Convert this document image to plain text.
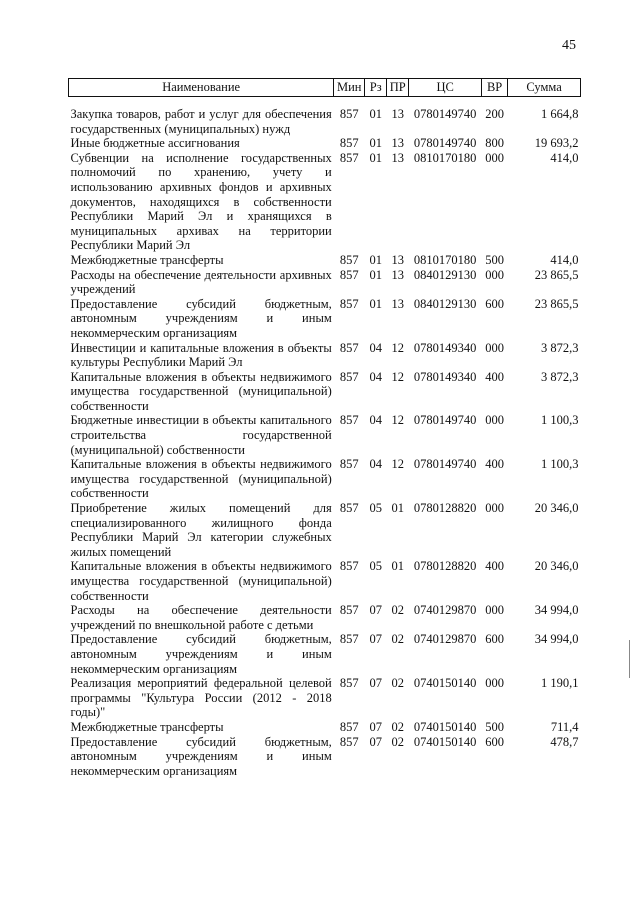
45
Наименование	Мин	Рз	ПР	ЦС	ВР	Сумма

Закупка товаров, работ и услуг для обеспечения государственных (муниципальных) нужд	857	01	13	0780149740	200	1 664,8
Иные бюджетные ассигнования	857	01	13	0780149740	800	19 693,2
Субвенции на исполнение государственных полномочий по хранению, учету и использованию архивных фондов и архивных документов, находящихся в собственности Республики Марий Эл и хранящихся в муниципальных архивах на территории Республики Марий Эл	857	01	13	0810170180	000	414,0
Межбюджетные трансферты	857	01	13	0810170180	500	414,0
Расходы на обеспечение деятельности архивных учреждений	857	01	13	0840129130	000	23 865,5
Предоставление субсидий бюджетным, автономным учреждениям и иным некоммерческим организациям	857	01	13	0840129130	600	23 865,5
Инвестиции и капитальные вложения в объекты культуры Республики Марий Эл	857	04	12	0780149340	000	3 872,3
Капитальные вложения в объекты недвижимого имущества государственной (муниципальной) собственности	857	04	12	0780149340	400	3 872,3
Бюджетные инвестиции в объекты капитального строительства государственной (муниципальной) собственности	857	04	12	0780149740	000	1 100,3
Капитальные вложения в объекты недвижимого имущества государственной (муниципальной) собственности	857	04	12	0780149740	400	1 100,3
Приобретение жилых помещений для специализированного жилищного фонда Республики Марий Эл категории служебных жилых помещений	857	05	01	0780128820	000	20 346,0
Капитальные вложения в объекты недвижимого имущества государственной (муниципальной) собственности	857	05	01	0780128820	400	20 346,0
Расходы на обеспечение деятельности учреждений по внешкольной работе с детьми	857	07	02	0740129870	000	34 994,0
Предоставление субсидий бюджетным, автономным учреждениям и иным некоммерческим организациям	857	07	02	0740129870	600	34 994,0
Реализация мероприятий федеральной целевой программы "Культура России (2012 - 2018 годы)"	857	07	02	0740150140	000	1 190,1
Межбюджетные трансферты	857	07	02	0740150140	500	711,4
Предоставление субсидий бюджетным, автономным учреждениям и иным некоммерческим организациям	857	07	02	0740150140	600	478,7
